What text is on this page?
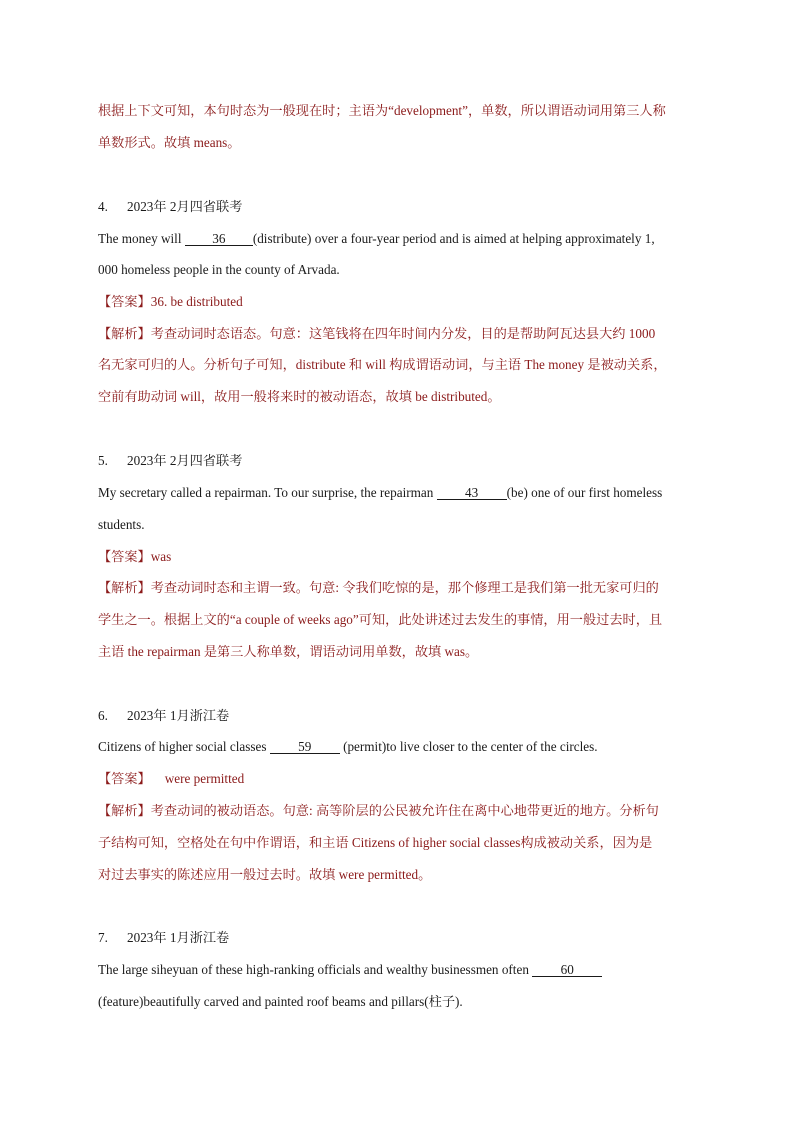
根据上下文可知，本句时态为一般现在时；主语为“development”，单数，所以谓语动词用第三人称
单数形式。故填 means。
4. 2023年 2月四省联考
The money will 36 (distribute) over a four-year period and is aimed at helping approximately 1,
000 homeless people in the county of Arvada.
【答案】36. be distributed
【解析】考查动词时态语态。句意：这笔钱将在四年时间内分发，目的是帮助阿瓦达县大约 1000
名无家可归的人。分析句子可知，distribute 和 will 构成谓语动词，与主语 The money 是被动关系，
空前有助动词 will，故用一般将来时的被动语态，故填 be distributed。
5. 2023年 2月四省联考
My secretary called a repairman. To our surprise, the repairman 43 (be) one of our first homeless
students.
【答案】was
【解析】考查动词时态和主谓一致。句意: 令我们吃惊的是，那个修理工是我们第一批无家可归的
学生之一。根据上文的“a couple of weeks ago”可知，此处讲述过去发生的事情，用一般过去时，且
主语 the repairman 是第三人称单数，谓语动词用单数，故填 was。
6. 2023年 1月浙江卷
Citizens of higher social classes 59 (permit)to live closer to the center of the circles.
【答案】 were permitted
【解析】考查动词的被动语态。句意: 高等阶层的公民被允许住在离中心地带更近的地方。分析句
子结构可知，空格处在句中作谓语，和主语 Citizens of higher social classes构成被动关系，因为是
对过去事实的陈述应用一般过去时。故填 were permitted。
7. 2023年 1月浙江卷
The large siheyuan of these high-ranking officials and wealthy businessmen often 60
(feature)beautifully carved and painted roof beams and pillars(柱子).
